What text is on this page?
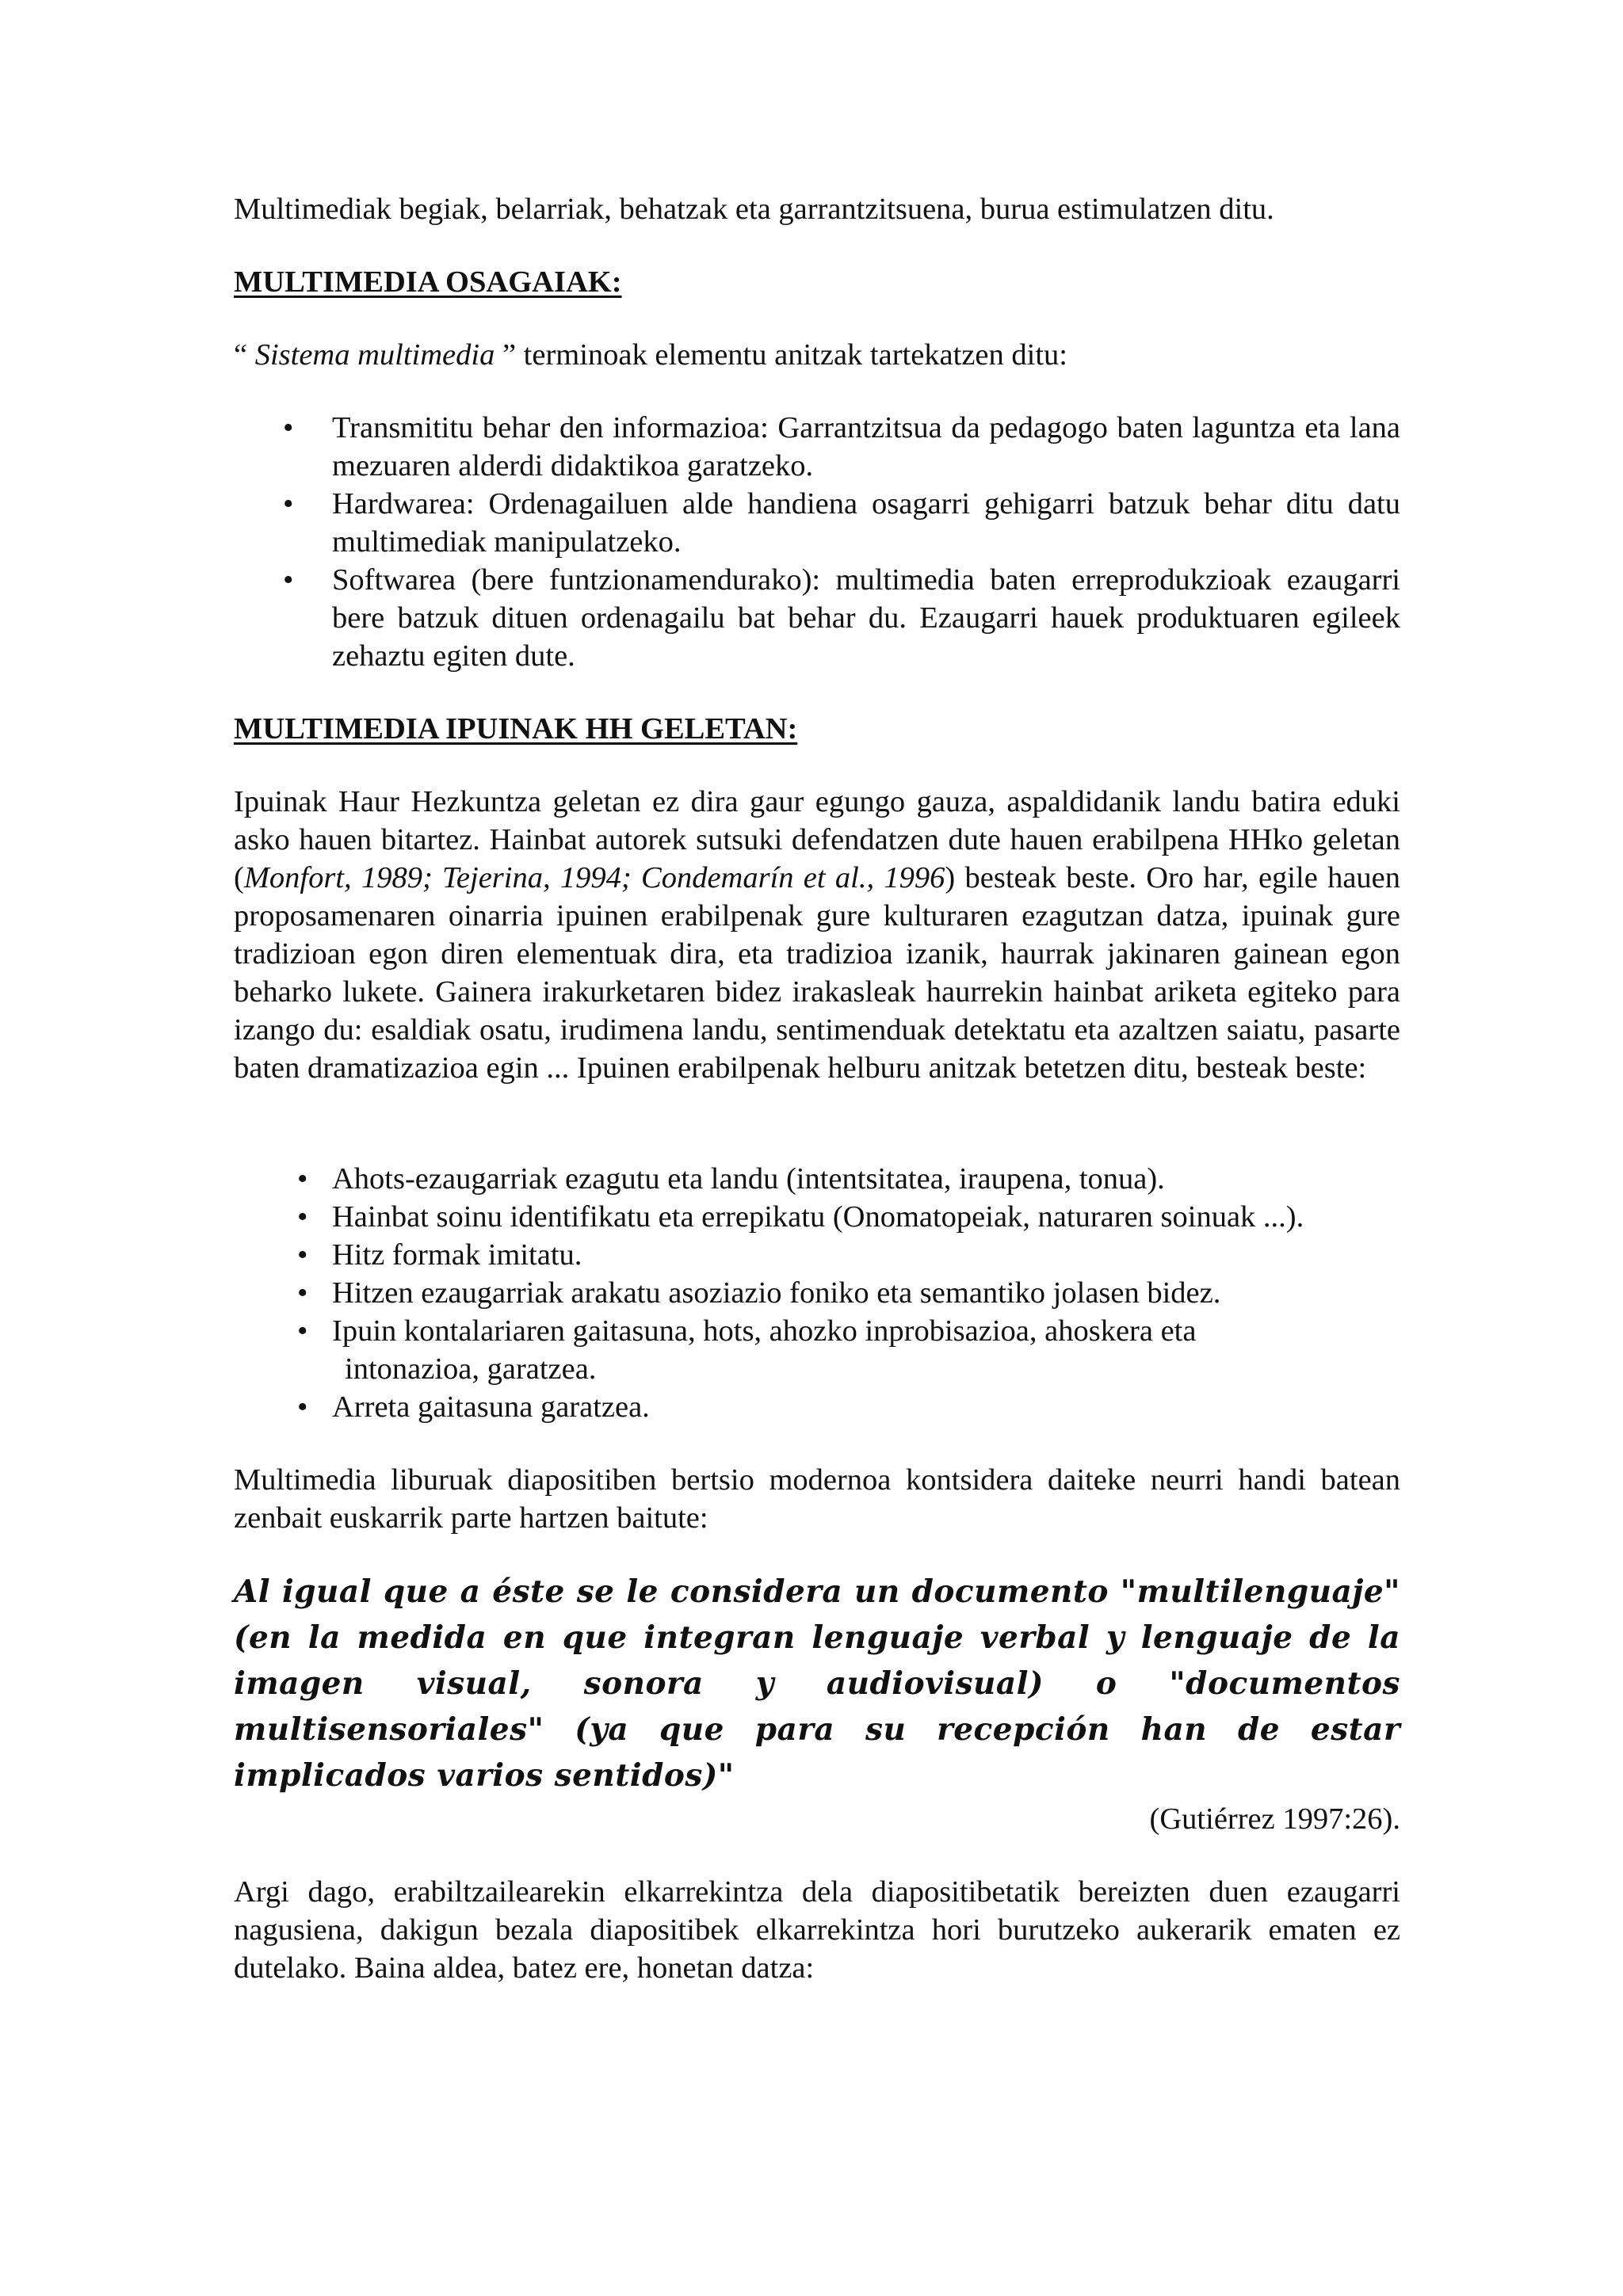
Multimediak begiak, belarriak, behatzak eta garrantzitsuena, burua estimulatzen ditu.

MULTIMEDIA OSAGAIAK:

“ Sistema multimedia ” terminoak elementu anitzak tartekatzen ditu:

• Transmititu behar den informazioa: Garrantzitsua da pedagogo baten laguntza eta lana mezuaren alderdi didaktikoa garatzeko.

• Hardwarea: Ordenagailuen alde handiena osagarri gehigarri batzuk behar ditu datu multimediak manipulatzeko.

• Softwarea (bere funtzionamendurako): multimedia baten erreprodukzioak ezaugarri bere batzuk dituen ordenagailu bat behar du. Ezaugarri hauek produktuaren egileek zehaztu egiten dute.

MULTIMEDIA IPUINAK HH GELETAN:

Ipuinak Haur Hezkuntza geletan ez dira gaur egungo gauza, aspaldidanik landu batira eduki asko hauen bitartez. Hainbat autorek sutsuki defendatzen dute hauen erabilpena HHko geletan (Monfort, 1989; Tejerina, 1994; Condemarín et al., 1996) besteak beste. Oro har, egile hauen proposamenaren oinarria ipuinen erabilpenak gure kulturaren ezagutzan datza, ipuinak gure tradizioan egon diren elementuak dira, eta tradizioa izanik, haurrak jakinaren gainean egon beharko lukete. Gainera irakurketaren bidez irakasleak haurrekin hainbat ariketa egiteko para izango du: esaldiak osatu, irudimena landu, sentimenduak detektatu eta azaltzen saiatu, pasarte baten dramatizazioa egin ... Ipuinen erabilpenak helburu anitzak betetzen ditu, besteak beste:

• Ahots-ezaugarriak ezagutu eta landu (intentsitatea, iraupena, tonua).
• Hainbat soinu identifikatu eta errepikatu (Onomatopeiak, naturaren soinuak ...).
• Hitz formak imitatu.
• Hitzen ezaugarriak arakatu asoziazio foniko eta semantiko jolasen bidez.
• Ipuin kontalariaren gaitasuna, hots, ahozko inprobisazioa, ahoskera eta
intonazioa, garatzea.
• Arreta gaitasuna garatzea.

Multimedia liburuak diapositiben bertsio modernoa kontsidera daiteke neurri handi batean zenbait euskarrik parte hartzen baitute:

Al igual que a éste se le considera un documento "multilenguaje" (en la medida en que integran lenguaje verbal y lenguaje de la imagen visual, sonora y audiovisual) o "documentos multisensoriales" (ya que para su recepción han de estar implicados varios sentidos)"

(Gutiérrez 1997:26).

Argi dago, erabiltzailearekin elkarrekintza dela diapositibetatik bereizten duen ezaugarri nagusiena, dakigun bezala diapositibek elkarrekintza hori burutzeko aukerarik ematen ez dutelako. Baina aldea, batez ere, honetan datza:
